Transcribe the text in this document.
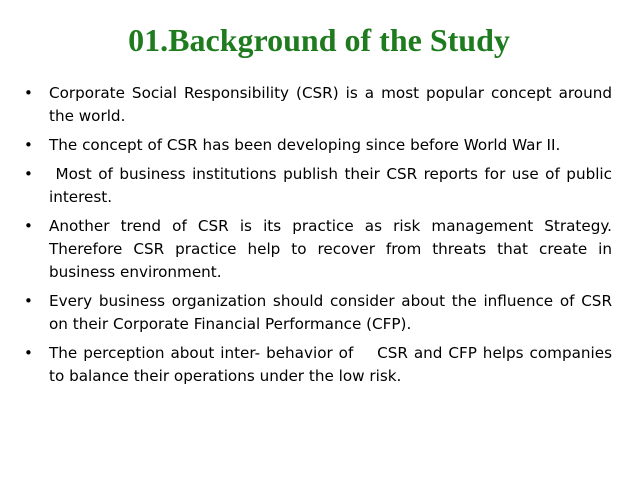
01.Background of the Study
• Corporate Social Responsibility (CSR) is a most popular concept around the world.
• The concept of CSR has been developing since before World War II.
• Most of business institutions publish their CSR reports for use of public interest.
• Another trend of CSR is its practice as risk management Strategy. Therefore CSR practice help to recover from threats that create in business environment.
• Every business organization should consider about the influence of CSR on their Corporate Financial Performance (CFP).
• The perception about inter- behavior of    CSR and CFP helps companies to balance their operations under the low risk.
